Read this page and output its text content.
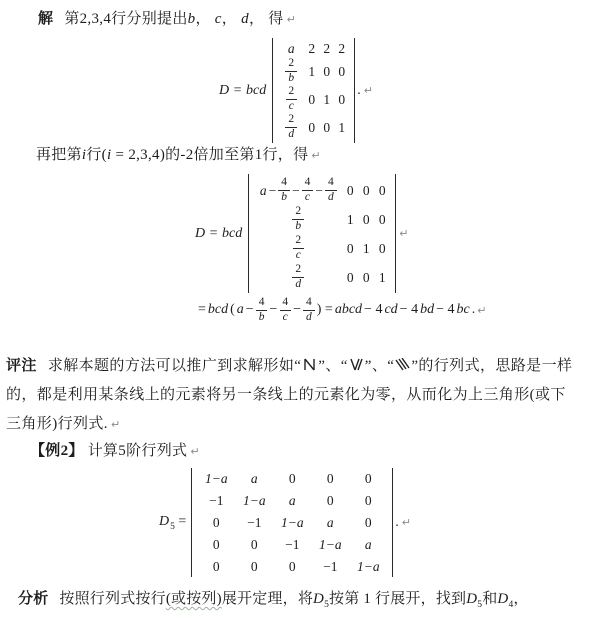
解 第2,3,4行分别提出b， c， d， 得 ↵

D = bcd
a 2 2 2
$\frac{2}{b} 1$ 0 0
$\frac{2}{c} 0$ 1 0
$\frac{2}{d} 0$ 0 1
. ↵

再把第i行(i = 2,3,4)的-2倍加至第1行，得 ↵

D = bcd
$a - \frac{4}{b} - \frac{4}{c} - \frac{4}{d} 0$ 0 0
$\frac{2}{b}$	1 0 0
$\frac{2}{c}$	0 1 0
$\frac{2}{d}$	0 0 1
↵
= bcd ( $a - \frac{4}{b} - \frac{4}{c} - \frac{4}{d}$ ) = abcd − 4 cd − 4 bd − 4 bc . ↵

评注 求解本题的方法可以推广到求解形如“ ”、“ ”、“ ”的行列式，思路是一样的，都是利用某条线上的元素将另一条线上的元素化为零，从而化为上三角形(或下三角形)行列式. ↵

【例2】 计算5阶行列式 ↵

$D_5$ =
1−a a 0 0 0
−1 1−a a 0 0
0 −1 1−a a 0
0 0 −1 1−a a
0 0 0 −1 1−a
. ↵

分析 按照行列式按行(或按列)展开定理，将$D_5$按第 1 行展开，找到$D_5$和$D_4$，
